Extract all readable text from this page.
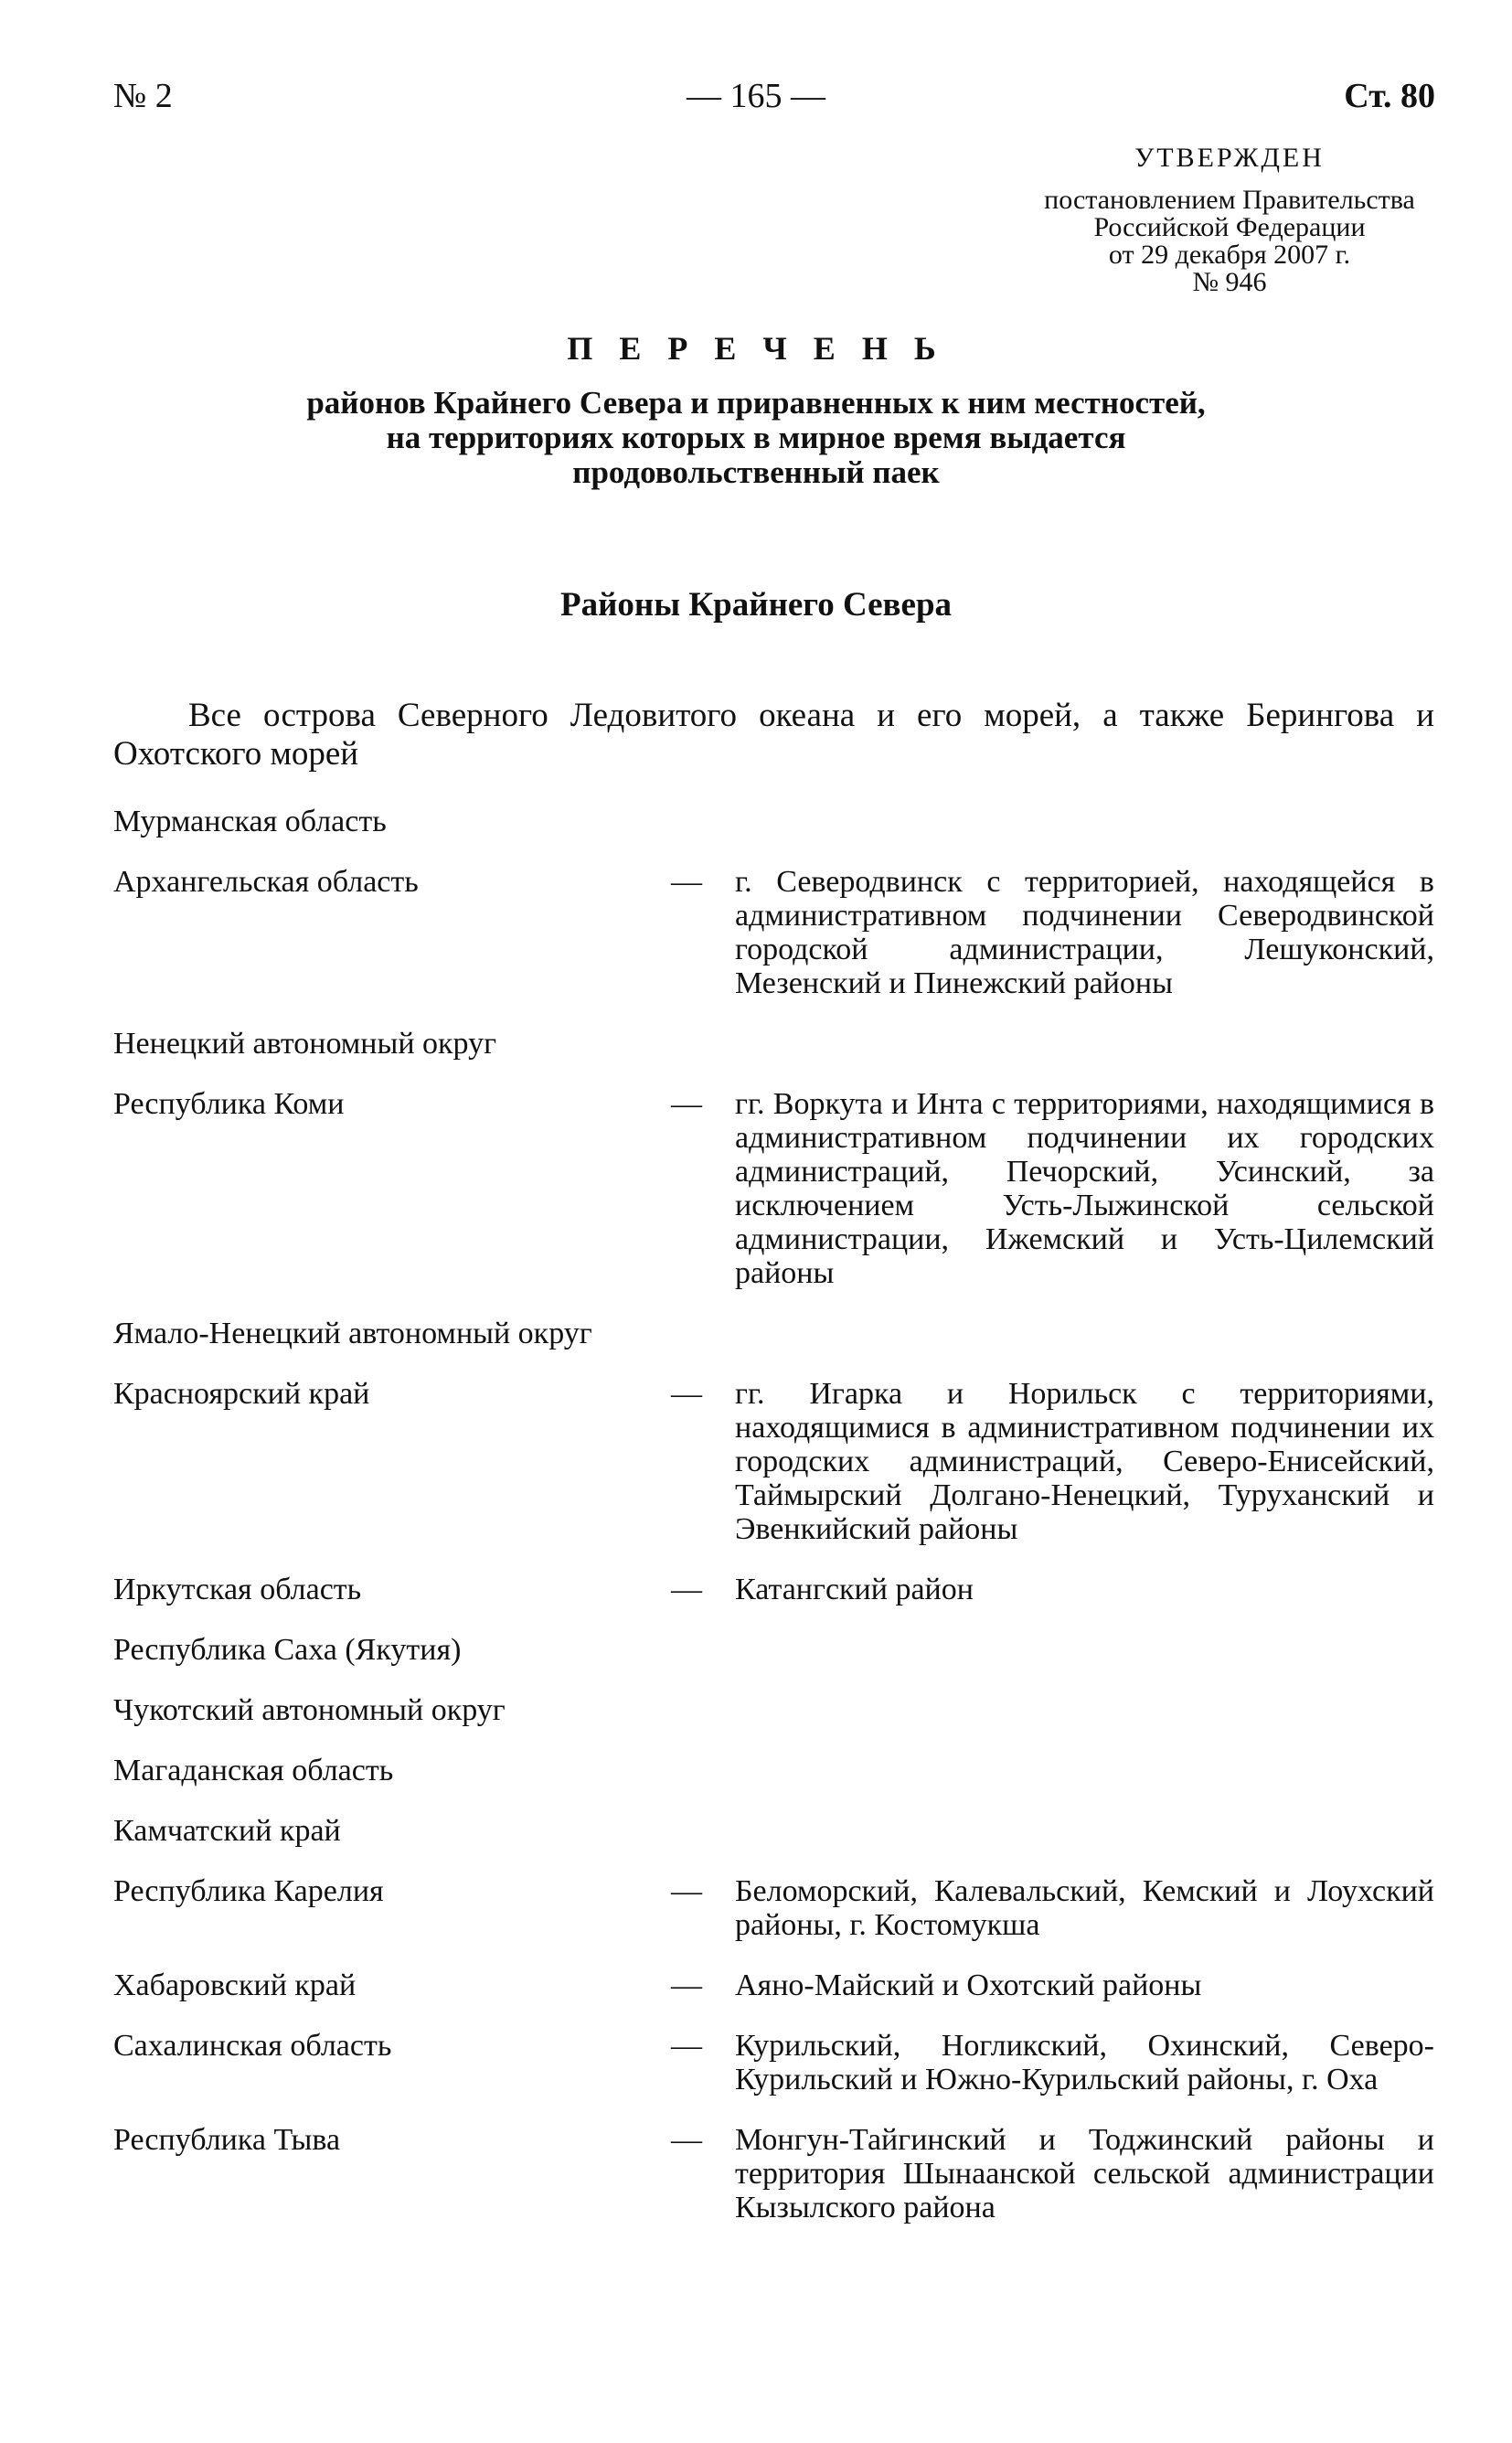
— 165 —
№ 2	Ст. 80
УТВЕРЖДЕН
постановлением Правительства
Российской Федерации
от 29 декабря 2007 г.
№ 946
П Е Р Е Ч Е Н Ь
районов Крайнего Севера и приравненных к ним местностей,
на территориях которых в мирное время выдается
продовольственный паек
Районы Крайнего Севера
Все острова Северного Ледовитого океана и его морей, а также Берингова и Охотского морей
Мурманская область
Архангельская область	—	г. Северодвинск с территорией, находящейся в административном подчинении Северодвинской городской администрации, Лешуконский, Мезенский и Пинежский районы
Ненецкий автономный округ
Республика Коми	—	гг. Воркута и Инта с территориями, находящимися в административном подчинении их городских администраций, Печорский, Усинский, за исключением Усть-Лыжинской сельской администрации, Ижемский и Усть-Цилемский районы
Ямало-Ненецкий автономный округ
Красноярский край	—	гг. Игарка и Норильск с территориями, находящимися в административном подчинении их городских администраций, Северо-Енисейский, Таймырский Долгано-Ненецкий, Туруханский и Эвенкийский районы
Иркутская область	—	Катангский район
Республика Саха (Якутия)
Чукотский автономный округ
Магаданская область
Камчатский край
Республика Карелия	—	Беломорский, Калевальский, Кемский и Лоухский районы, г. Костомукша
Хабаровский край	—	Аяно-Майский и Охотский районы
Сахалинская область	—	Курильский, Ногликский, Охинский, Северо-Курильский и Южно-Курильский районы, г. Оха
Республика Тыва	—	Монгун-Тайгинский и Тоджинский районы и территория Шынаанской сельской администрации Кызылского района
